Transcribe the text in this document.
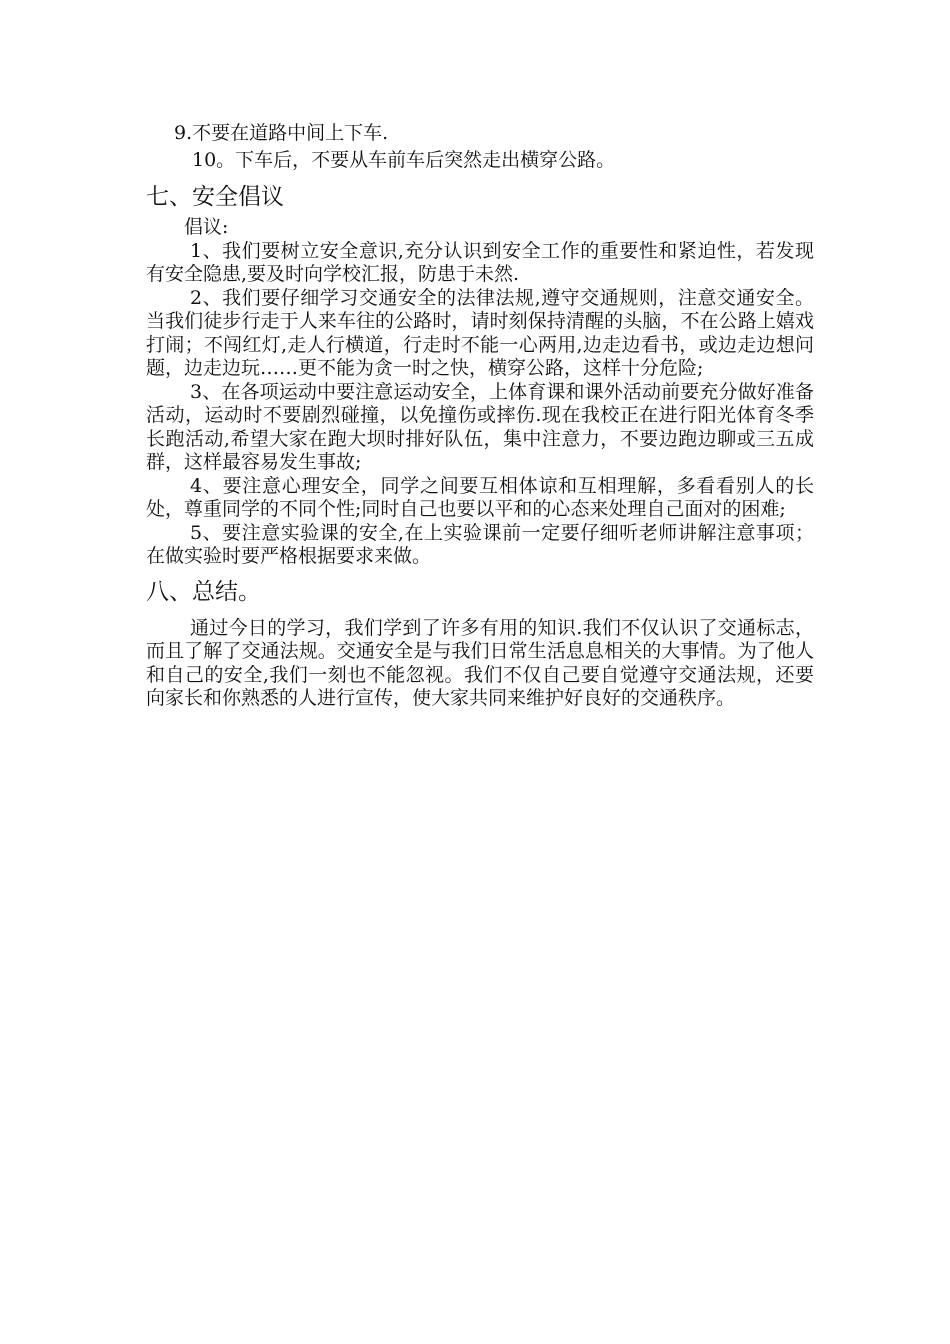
9.不要在道路中间上下车.
10。下车后，不要从车前车后突然走出横穿公路。
七、安全倡议
倡议:

1、我们要树立安全意识,充分认识到安全工作的重要性和紧迫性，若发现有安全隐患,要及时向学校汇报，防患于未然.

2、我们要仔细学习交通安全的法律法规,遵守交通规则，注意交通安全。当我们徒步行走于人来车往的公路时，请时刻保持清醒的头脑，不在公路上嬉戏打闹；不闯红灯,走人行横道，行走时不能一心两用,边走边看书，或边走边想问题，边走边玩……更不能为贪一时之快，横穿公路，这样十分危险;

3、在各项运动中要注意运动安全，上体育课和课外活动前要充分做好准备活动，运动时不要剧烈碰撞，以免撞伤或摔伤.现在我校正在进行阳光体育冬季长跑活动,希望大家在跑大坝时排好队伍，集中注意力，不要边跑边聊或三五成群，这样最容易发生事故;

4、要注意心理安全，同学之间要互相体谅和互相理解，多看看别人的长处，尊重同学的不同个性;同时自己也要以平和的心态来处理自己面对的困难;

5、要注意实验课的安全,在上实验课前一定要仔细听老师讲解注意事项；在做实验时要严格根据要求来做。

八、总结。

通过今日的学习，我们学到了许多有用的知识.我们不仅认识了交通标志，而且了解了交通法规。交通安全是与我们日常生活息息相关的大事情。为了他人和自己的安全,我们一刻也不能忽视。我们不仅自己要自觉遵守交通法规，还要向家长和你熟悉的人进行宣传，使大家共同来维护好良好的交通秩序。
